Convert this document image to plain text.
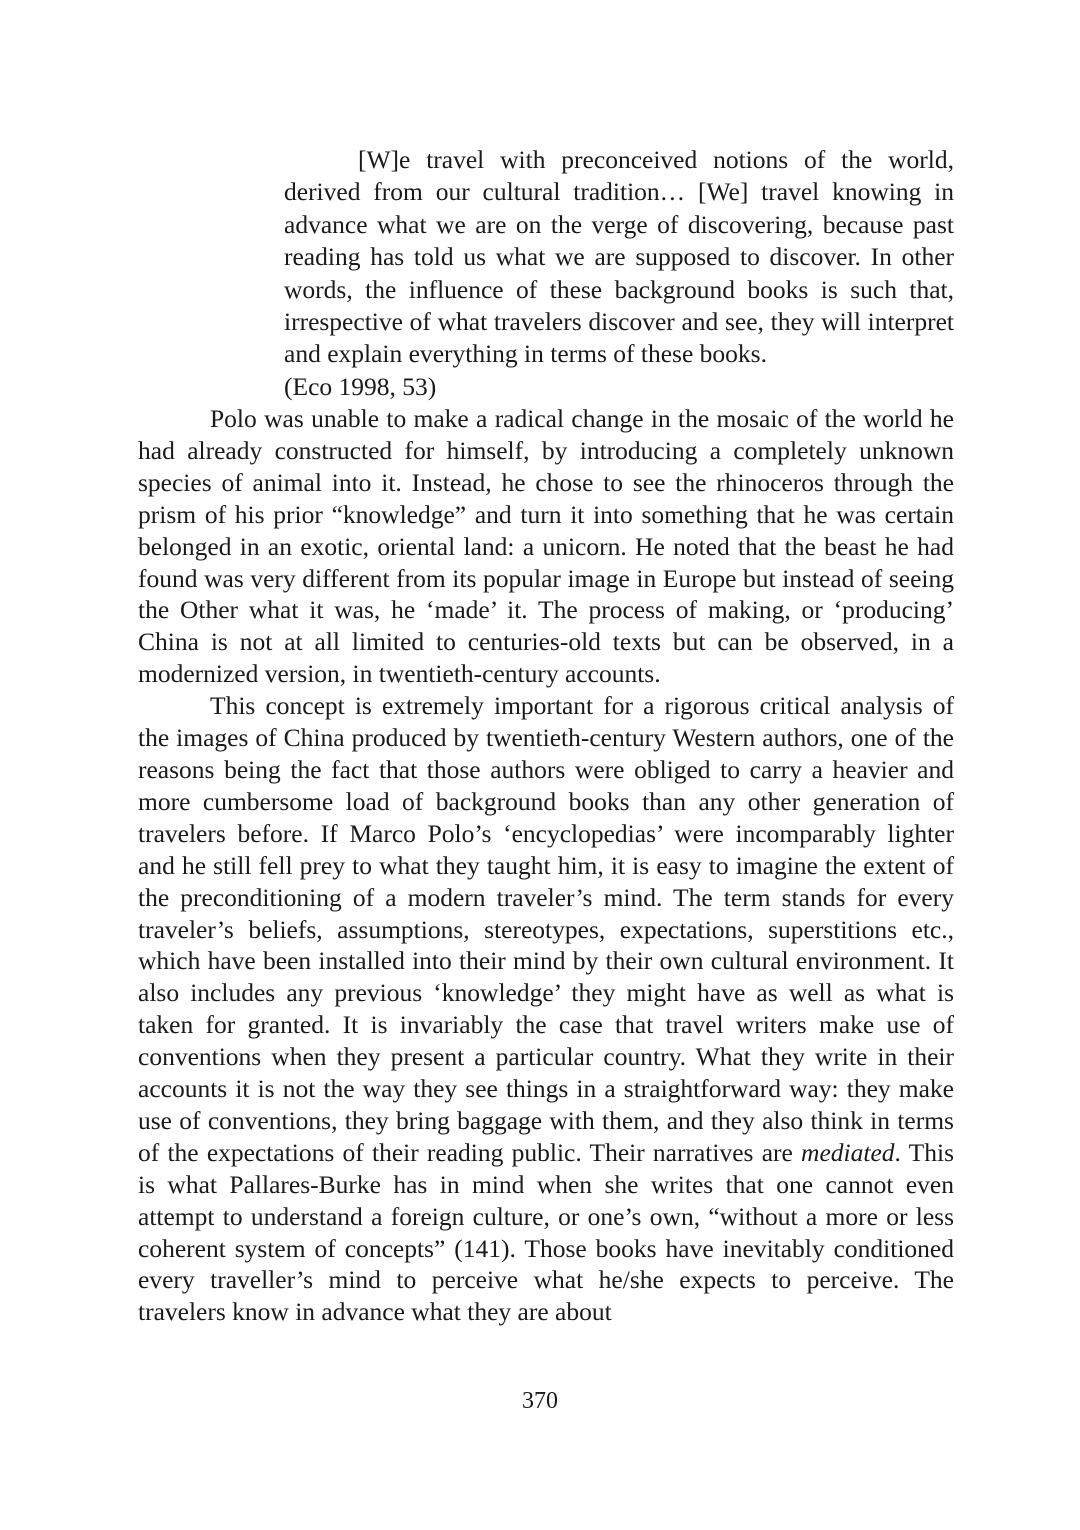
[W]e travel with preconceived notions of the world, derived from our cultural tradition… [We] travel knowing in advance what we are on the verge of discovering, because past reading has told us what we are supposed to discover. In other words, the influence of these background books is such that, irrespective of what travelers discover and see, they will interpret and explain everything in terms of these books.
(Eco 1998, 53)

Polo was unable to make a radical change in the mosaic of the world he had already constructed for himself, by introducing a completely unknown species of animal into it. Instead, he chose to see the rhinoceros through the prism of his prior “knowledge” and turn it into something that he was certain belonged in an exotic, oriental land: a unicorn. He noted that the beast he had found was very different from its popular image in Europe but instead of seeing the Other what it was, he ‘made’ it. The process of making, or ‘producing’ China is not at all limited to centuries-old texts but can be observed, in a modernized version, in twentieth-century accounts.

This concept is extremely important for a rigorous critical analysis of the images of China produced by twentieth-century Western authors, one of the reasons being the fact that those authors were obliged to carry a heavier and more cumbersome load of background books than any other generation of travelers before. If Marco Polo’s ‘encyclopedias’ were incomparably lighter and he still fell prey to what they taught him, it is easy to imagine the extent of the preconditioning of a modern traveler’s mind. The term stands for every traveler’s beliefs, assumptions, stereotypes, expectations, superstitions etc., which have been installed into their mind by their own cultural environment. It also includes any previous ‘knowledge’ they might have as well as what is taken for granted. It is invariably the case that travel writers make use of conventions when they present a particular country. What they write in their accounts it is not the way they see things in a straightforward way: they make use of conventions, they bring baggage with them, and they also think in terms of the expectations of their reading public. Their narratives are mediated. This is what Pallares-Burke has in mind when she writes that one cannot even attempt to understand a foreign culture, or one’s own, “without a more or less coherent system of concepts” (141). Those books have inevitably conditioned every traveller’s mind to perceive what he/she expects to perceive. The travelers know in advance what they are about

370
